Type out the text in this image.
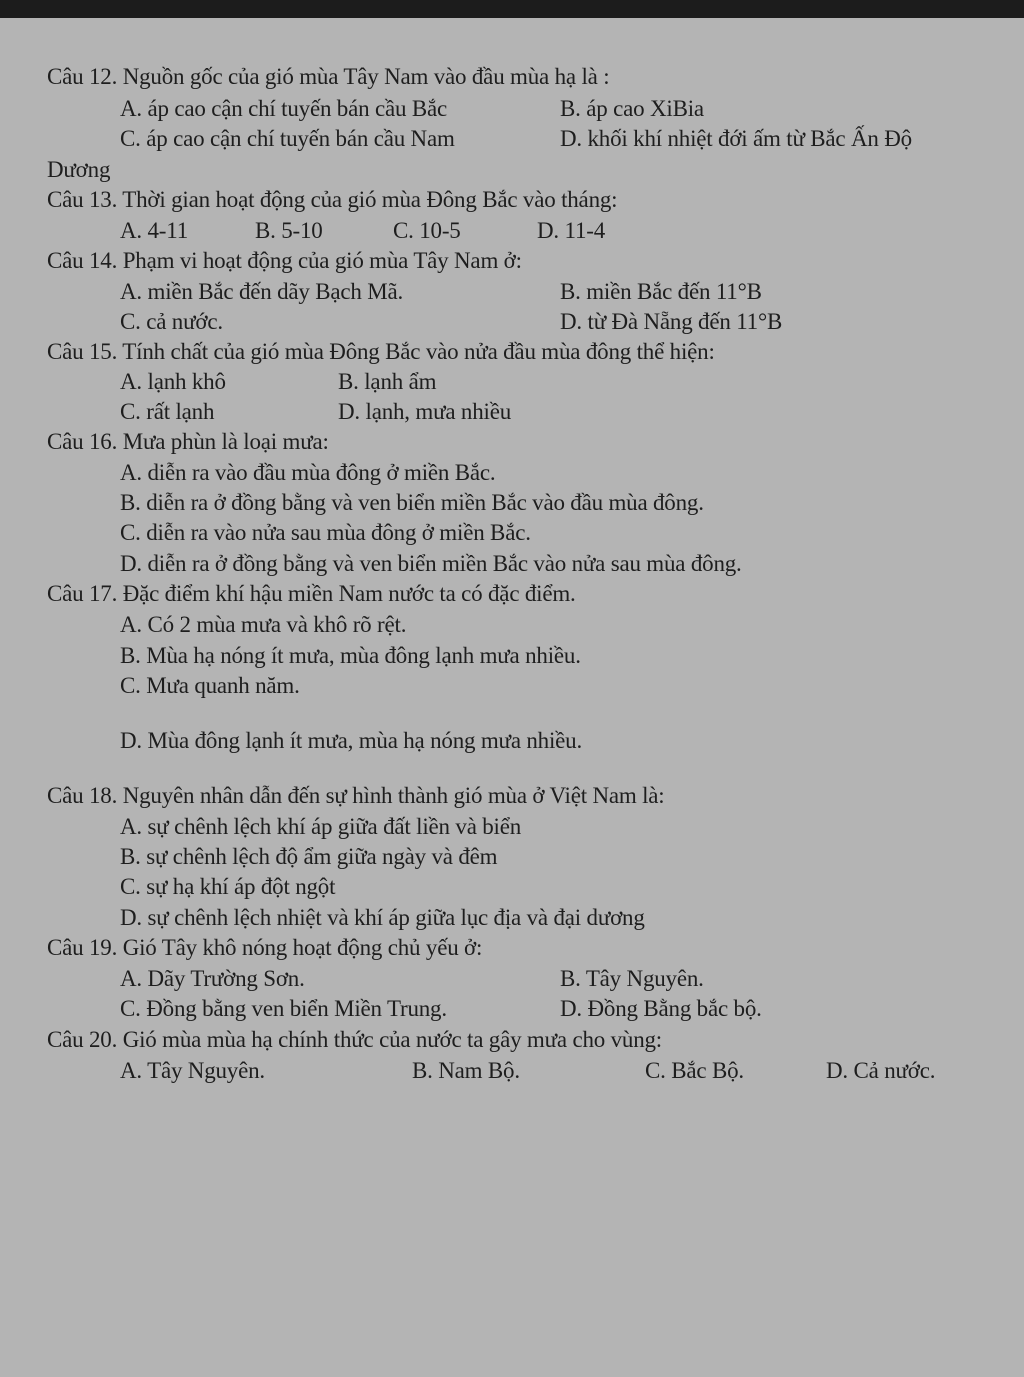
Câu 12. Nguồn gốc của gió mùa Tây Nam vào đầu mùa hạ là :
A. áp cao cận chí tuyến bán cầu Bắc	B. áp cao XiBia
C. áp cao cận chí tuyến bán cầu Nam	D. khối khí nhiệt đới ấm từ Bắc Ấn Độ
Dương
Câu 13. Thời gian hoạt động của gió mùa Đông Bắc vào tháng:
A. 4-11	B. 5-10	C. 10-5	D. 11-4
Câu 14. Phạm vi hoạt động của gió mùa Tây Nam ở:
A. miền Bắc đến dãy Bạch Mã.	B. miền Bắc đến 11°B
C. cả nước.	D. từ Đà Nẵng đến 11°B
Câu 15. Tính chất của gió mùa Đông Bắc vào nửa đầu mùa đông thể hiện:
A. lạnh khô	B. lạnh ẩm
C. rất lạnh	D. lạnh, mưa nhiều
Câu 16. Mưa phùn là loại mưa:
A. diễn ra vào đầu mùa đông ở miền Bắc.
B. diễn ra ở đồng bằng và ven biển miền Bắc vào đầu mùa đông.
C. diễn ra vào nửa sau mùa đông ở miền Bắc.
D. diễn ra ở đồng bằng và ven biển miền Bắc vào nửa sau mùa đông.
Câu 17. Đặc điểm khí hậu miền Nam nước ta có đặc điểm.
A. Có 2 mùa mưa và khô rõ rệt.
B. Mùa hạ nóng ít mưa, mùa đông lạnh mưa nhiều.
C. Mưa quanh năm.
D. Mùa đông lạnh ít mưa, mùa hạ nóng mưa nhiều.
Câu 18. Nguyên nhân dẫn đến sự hình thành gió mùa ở Việt Nam là:
A. sự chênh lệch khí áp giữa đất liền và biển
B. sự chênh lệch độ ẩm giữa ngày và đêm
C. sự hạ khí áp đột ngột
D. sự chênh lệch nhiệt và khí áp giữa lục địa và đại dương
Câu 19. Gió Tây khô nóng hoạt động chủ yếu ở:
A. Dãy Trường Sơn.	B. Tây Nguyên.
C. Đồng bằng ven biển Miền Trung.	D. Đồng Bằng bắc bộ.
Câu 20. Gió mùa mùa hạ chính thức của nước ta gây mưa cho vùng:
A. Tây Nguyên.	B. Nam Bộ.	C. Bắc Bộ.	D. Cả nước.
